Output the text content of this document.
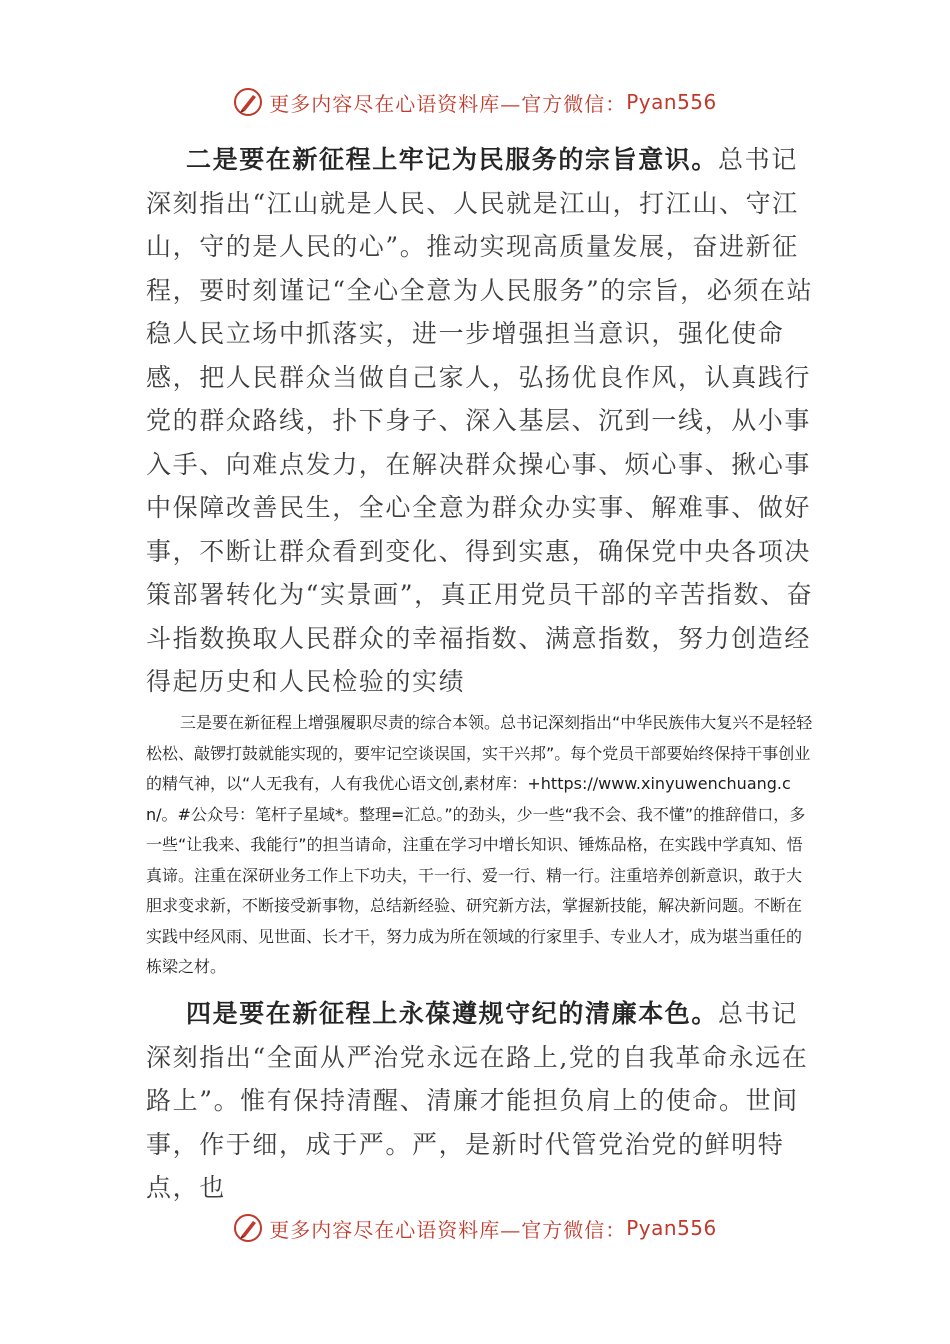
更多内容尽在心语资料库—官方微信： Pyan556

二是要在新征程上牢记为民服务的宗旨意识。总书记深刻指出“江山就是人民、人民就是江山，打江山、守江山，守的是人民的心”。推动实现高质量发展，奋进新征程，要时刻谨记“全心全意为人民服务”的宗旨，必须在站稳人民立场中抓落实，进一步增强担当意识，强化使命感，把人民群众当做自己家人，弘扬优良作风，认真践行党的群众路线，扑下身子、深入基层、沉到一线，从小事入手、向难点发力，在解决群众操心事、烦心事、揪心事中保障改善民生，全心全意为群众办实事、解难事、做好事，不断让群众看到变化、得到实惠，确保党中央各项决策部署转化为“实景画”，真正用党员干部的辛苦指数、奋斗指数换取人民群众的幸福指数、满意指数，努力创造经得起历史和人民检验的实绩

三是要在新征程上增强履职尽责的综合本领。总书记深刻指出“中华民族伟大复兴不是轻轻松松、敲锣打鼓就能实现的，要牢记空谈误国，实干兴邦”。每个党员干部要始终保持干事创业的精气神，以“人无我有，人有我优心语文创,素材库：+https://www.xinyuwenchuang.cn/。#公众号：笔杆子星域*。整理=汇总。”的劲头，少一些“我不会、我不懂”的推辞借口，多一些“让我来、我能行”的担当请命，注重在学习中增长知识、锤炼品格，在实践中学真知、悟真谛。注重在深研业务工作上下功夫，干一行、爱一行、精一行。注重培养创新意识，敢于大胆求变求新，不断接受新事物，总结新经验、研究新方法，掌握新技能，解决新问题。不断在实践中经风雨、见世面、长才干，努力成为所在领域的行家里手、专业人才，成为堪当重任的栋梁之材。

四是要在新征程上永葆遵规守纪的清廉本色。总书记深刻指出“全面从严治党永远在路上,党的自我革命永远在路上”。惟有保持清醒、清廉才能担负肩上的使命。世间事，作于细，成于严。严，是新时代管党治党的鲜明特点，也

更多内容尽在心语资料库—官方微信： Pyan556
